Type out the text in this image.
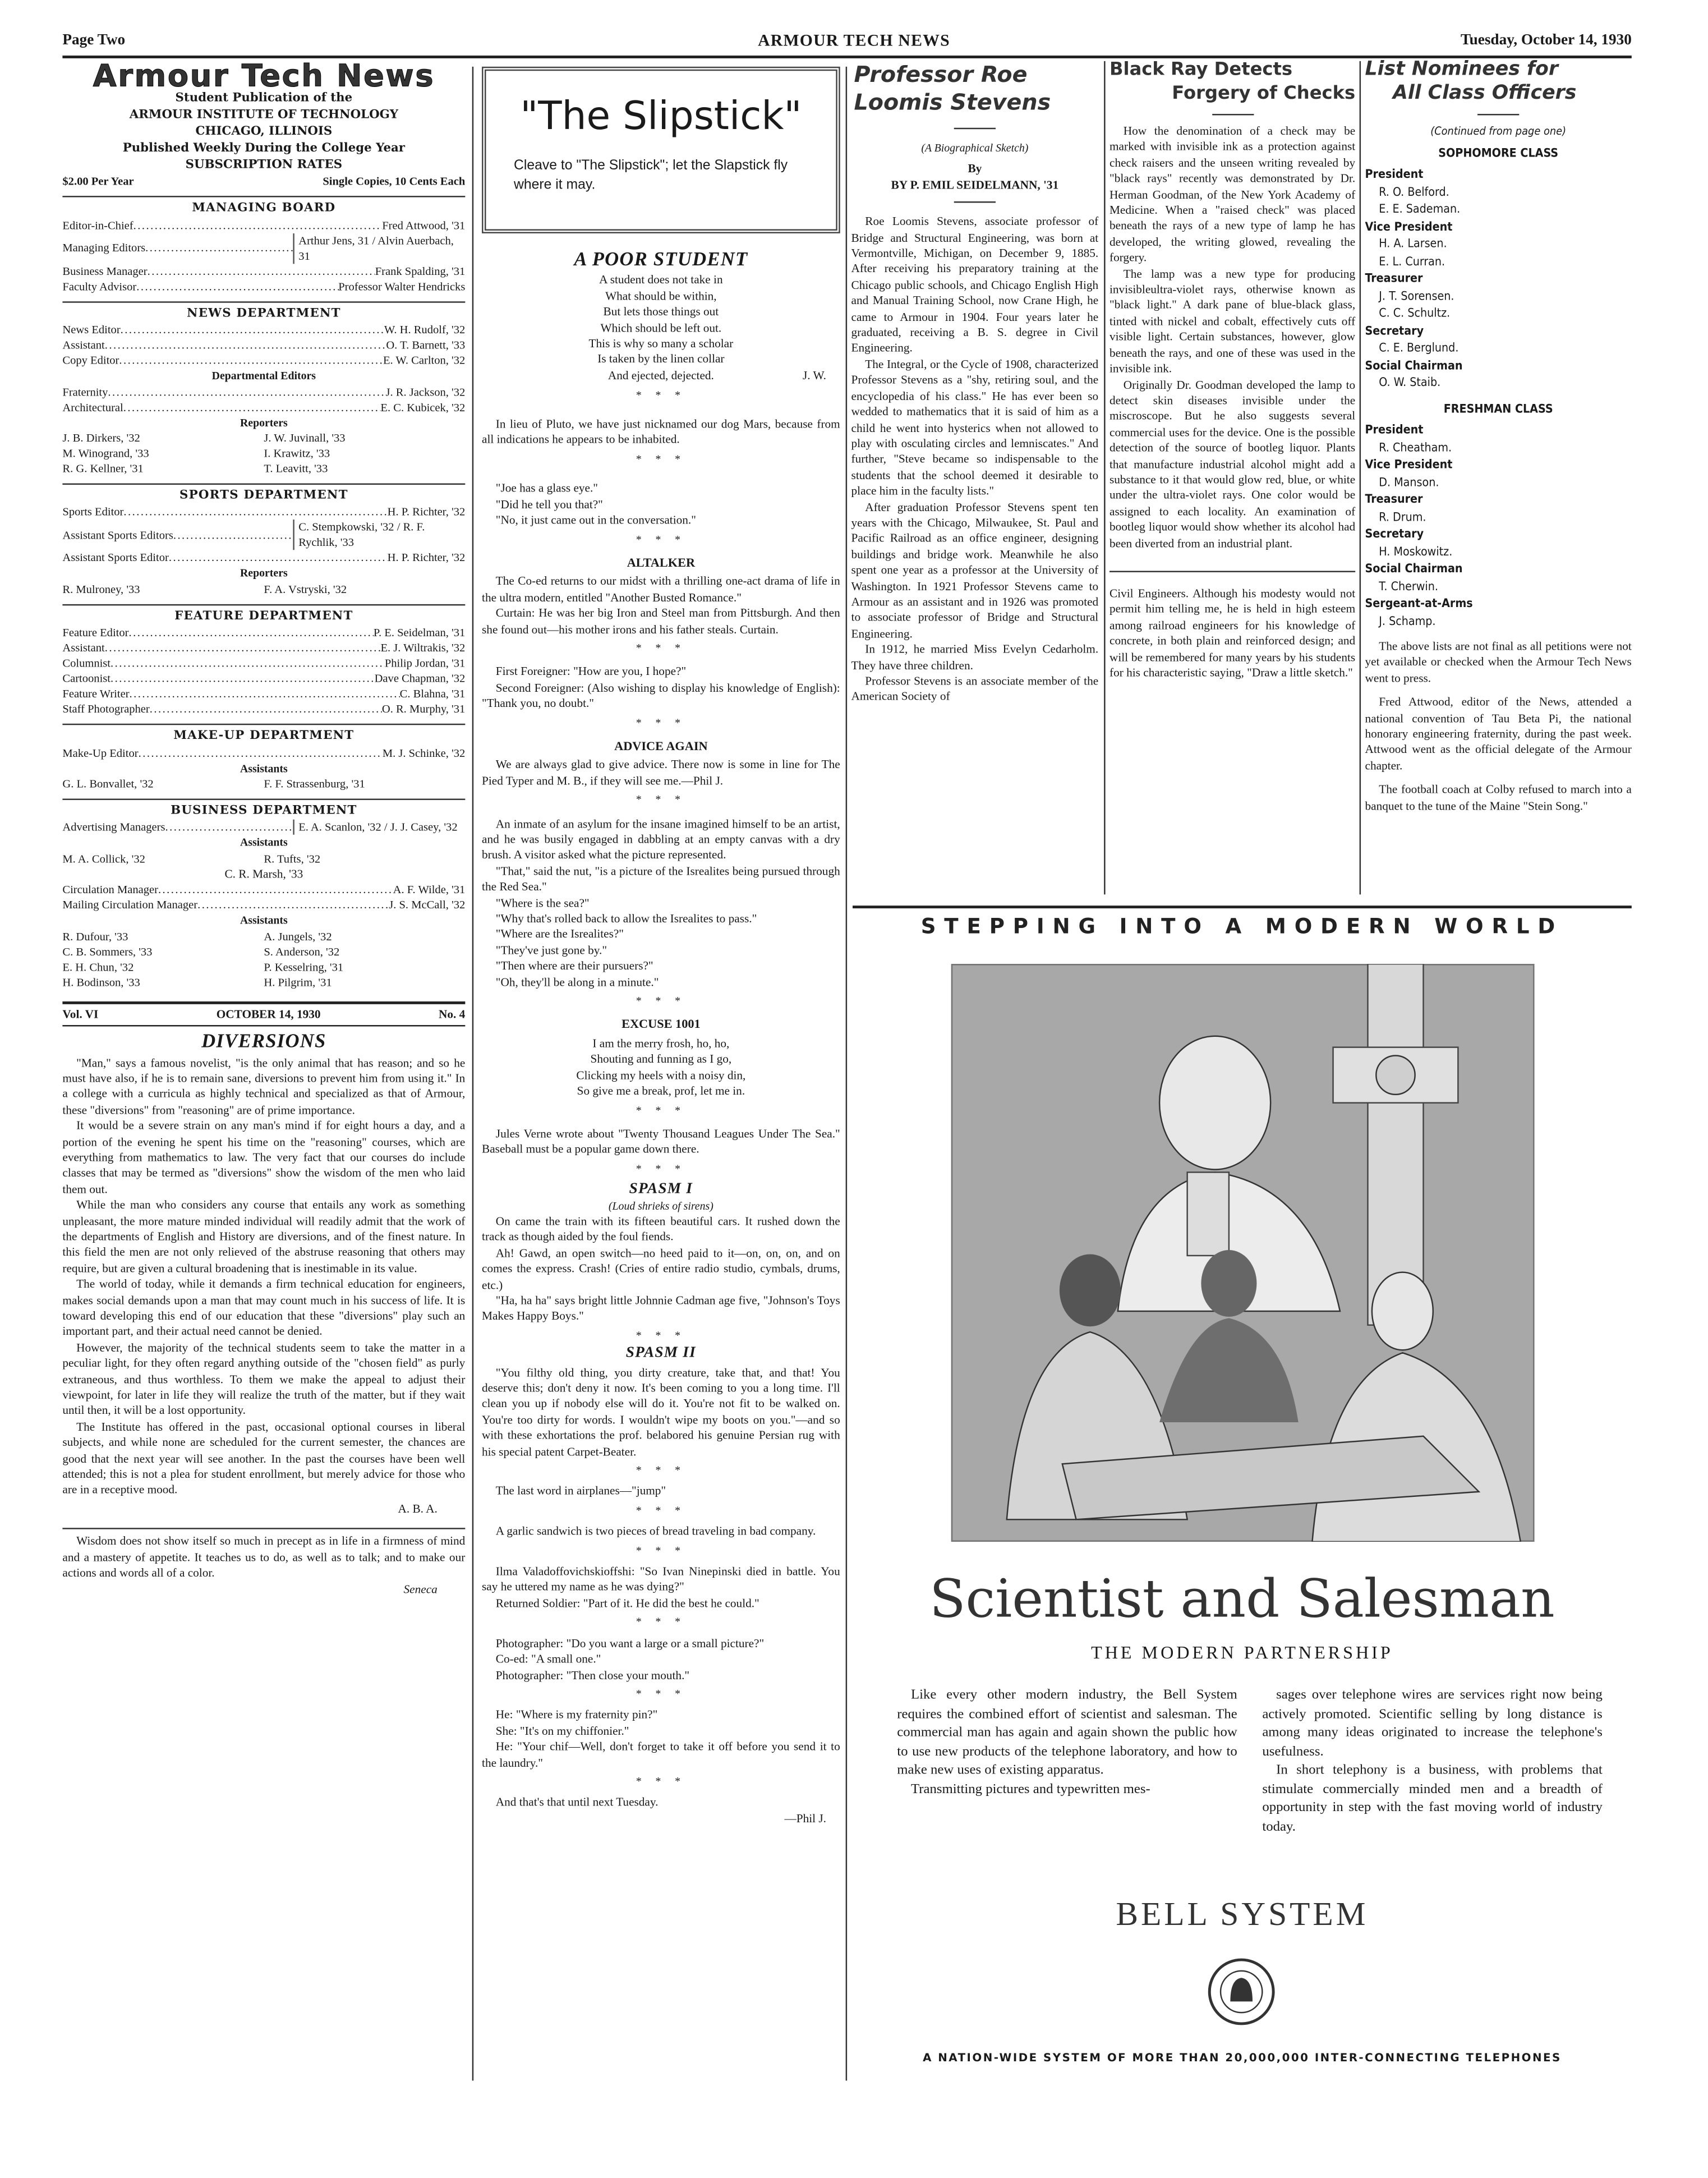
Page Two	ARMOUR TECH NEWS	Tuesday, October 14, 1930
Armour Tech News
Student Publication of the
ARMOUR INSTITUTE OF TECHNOLOGY
CHICAGO, ILLINOIS
Published Weekly During the College Year
SUBSCRIPTION RATES
$2.00 Per Year	Single Copies, 10 Cents Each
MANAGING BOARD
Editor-in-Chief .....	Fred Attwood, '31
Managing Editors
.....
Arthur Jens, 31 / Alvin Auerbach, 31
Business Manager .....	Frank Spalding, '31
Faculty Advisor .....	Professor Walter Hendricks
NEWS DEPARTMENT
News Editor .....	W. H. Rudolf, '32
Assistant .....	O. T. Barnett, '33
Copy Editor .....	E. W. Carlton, '32
Departmental Editors
Fraternity .....	J. R. Jackson, '32
Architectural .....	E. C. Kubicek, '32
Reporters
J. B. Dirkers, '32	J. W. Juvinall, '33
M. Winogrand, '33	I. Krawitz, '33
R. G. Kellner, '31	T. Leavitt, '33
SPORTS DEPARTMENT
Sports Editor .....	H. P. Richter, '32
Assistant Sports Editors
.....
C. Stempkowski, '32 / R. F. Rychlik, '33
Assistant Sports Editor .....	H. P. Richter, '32
Reporters
R. Mulroney, '33	F. A. Vstryski, '32
FEATURE DEPARTMENT
Feature Editor .....	P. E. Seidelman, '31
Assistant .....	E. J. Wiltrakis, '32
Columnist .....	Philip Jordan, '31
Cartoonist .....	Dave Chapman, '32
Feature Writer .....	C. Blahna, '31
Staff Photographer .....	O. R. Murphy, '31
MAKE-UP DEPARTMENT
Make-Up Editor .....	M. J. Schinke, '32
Assistants
G. L. Bonvallet, '32	F. F. Strassenburg, '31
BUSINESS DEPARTMENT
Advertising Managers
.....	E. A. Scanlon, '32 / J. J. Casey, '32
Assistants
M. A. Collick, '32	R. Tufts, '32
C. R. Marsh, '33
Circulation Manager .....	A. F. Wilde, '31
Mailing Circulation Manager .....	J. S. McCall, '32
Assistants
R. Dufour, '33	A. Jungels, '32
C. B. Sommers, '33	S. Anderson, '32
E. H. Chun, '32	P. Kesselring, '31
H. Bodinson, '33	H. Pilgrim, '31
Vol. VI	OCTOBER 14, 1930	No. 4
DIVERSIONS

"Man," says a famous novelist, "is the only animal that has reason; and so he must have also, if he is to remain sane, diversions to prevent him from using it." In a college with a curricula as highly technical and specialized as that of Armour, these "diversions" from "reasoning" are of prime importance.

It would be a severe strain on any man's mind if for eight hours a day, and a portion of the evening he spent his time on the "reasoning" courses, which are everything from mathematics to law. The very fact that our courses do include classes that may be termed as "diversions" show the wisdom of the men who laid them out.

While the man who considers any course that entails any work as something unpleasant, the more mature minded individual will readily admit that the work of the departments of English and History are diversions, and of the finest nature. In this field the men are not only relieved of the abstruse reasoning that others may require, but are given a cultural broadening that is inestimable in its value.

The world of today, while it demands a firm technical education for engineers, makes social demands upon a man that may count much in his success of life. It is toward developing this end of our education that these "diversions" play such an important part, and their actual need cannot be denied.

However, the majority of the technical students seem to take the matter in a peculiar light, for they often regard anything outside of the "chosen field" as purly extraneous, and thus worthless. To them we make the appeal to adjust their viewpoint, for later in life they will realize the truth of the matter, but if they wait until then, it will be a lost opportunity.

The Institute has offered in the past, occasional optional courses in liberal subjects, and while none are scheduled for the current semester, the chances are good that the next year will see another. In the past the courses have been well attended; this is not a plea for student enrollment, but merely advice for those who are in a receptive mood.

A. B. A.

Wisdom does not show itself so much in precept as in life in a firmness of mind and a mastery of appetite. It teaches us to do, as well as to talk; and to make our actions and words all of a color.

Seneca
"The Slipstick"
Cleave to "The Slipstick"; let the Slapstick fly where it may.
A POOR STUDENT

A student does not take in

What should be within,

But lets those things out

Which should be left out.

This is why so many a scholar

Is taken by the linen collar

And ejected, dejected.	J. W.
* * *

In lieu of Pluto, we have just nicknamed our dog Mars, because from all indications he appears to be inhabited.

* * *

"Joe has a glass eye."

"Did he tell you that?"

"No, it just came out in the conversation."

* * *
ALTALKER

The Co-ed returns to our midst with a thrilling one-act drama of life in the ultra modern, entitled "Another Busted Romance."

Curtain: He was her big Iron and Steel man from Pittsburgh. And then she found out—his mother irons and his father steals. Curtain.

* * *

First Foreigner: "How are you, I hope?"

Second Foreigner: (Also wishing to display his knowledge of English): "Thank you, no doubt."

* * *
ADVICE AGAIN

We are always glad to give advice. There now is some in line for The Pied Typer and M. B., if they will see me.—Phil J.

* * *

An inmate of an asylum for the insane imagined himself to be an artist, and he was busily engaged in dabbling at an empty canvas with a dry brush. A visitor asked what the picture represented.

"That," said the nut, "is a picture of the Isrealites being pursued through the Red Sea."

"Where is the sea?"

"Why that's rolled back to allow the Isrealites to pass."

"Where are the Isrealites?"

"They've just gone by."

"Then where are their pursuers?"

"Oh, they'll be along in a minute."

* * *
EXCUSE 1001

I am the merry frosh, ho, ho,

Shouting and funning as I go,

Clicking my heels with a noisy din,

So give me a break, prof, let me in.

* * *

Jules Verne wrote about "Twenty Thousand Leagues Under The Sea." Baseball must be a popular game down there.

* * *
SPASM I
(Loud shrieks of sirens)

On came the train with its fifteen beautiful cars. It rushed down the track as though aided by the foul fiends.

Ah! Gawd, an open switch—no heed paid to it—on, on, on, and on comes the express. Crash! (Cries of entire radio studio, cymbals, drums, etc.)

"Ha, ha ha" says bright little Johnnie Cadman age five, "Johnson's Toys Makes Happy Boys."

* * *
SPASM II

"You filthy old thing, you dirty creature, take that, and that! You deserve this; don't deny it now. It's been coming to you a long time. I'll clean you up if nobody else will do it. You're not fit to be walked on. You're too dirty for words. I wouldn't wipe my boots on you."—and so with these exhortations the prof. belabored his genuine Persian rug with his special patent Carpet-Beater.

* * *

The last word in airplanes—"jump"

* * *

A garlic sandwich is two pieces of bread traveling in bad company.

* * *

Ilma Valadoffovichskioffshi: "So Ivan Ninepinski died in battle. You say he uttered my name as he was dying?"

Returned Soldier: "Part of it. He did the best he could."

* * *

Photographer: "Do you want a large or a small picture?"

Co-ed: "A small one."

Photographer: "Then close your mouth."

* * *

He: "Where is my fraternity pin?"

She: "It's on my chiffonier."

He: "Your chif—Well, don't forget to take it off before you send it to the laundry."

* * *

And that's that until next Tuesday.

—Phil J.
Professor Roe Loomis Stevens
(A Biographical Sketch)
By
BY P. EMIL SEIDELMANN, '31

Roe Loomis Stevens, associate professor of Bridge and Structural Engineering, was born at Vermontville, Michigan, on December 9, 1885. After receiving his preparatory training at the Chicago public schools, and Chicago English High and Manual Training School, now Crane High, he came to Armour in 1904. Four years later he graduated, receiving a B. S. degree in Civil Engineering.

The Integral, or the Cycle of 1908, characterized Professor Stevens as a "shy, retiring soul, and the encyclopedia of his class." He has ever been so wedded to mathematics that it is said of him as a child he went into hysterics when not allowed to play with osculating circles and lemniscates." And further, "Steve became so indispensable to the students that the school deemed it desirable to place him in the faculty lists."

After graduation Professor Stevens spent ten years with the Chicago, Milwaukee, St. Paul and Pacific Railroad as an office engineer, designing buildings and bridge work. Meanwhile he also spent one year as a professor at the University of Washington. In 1921 Professor Stevens came to Armour as an assistant and in 1926 was promoted to associate professor of Bridge and Structural Engineering.

In 1912, he married Miss Evelyn Cedarholm. They have three children.

Professor Stevens is an associate member of the American Society of

Black Ray Detects
Forgery of Checks

How the denomination of a check may be marked with invisible ink as a protection against check raisers and the unseen writing revealed by "black rays" recently was demonstrated by Dr. Herman Goodman, of the New York Academy of Medicine. When a "raised check" was placed beneath the rays of a new type of lamp he has developed, the writing glowed, revealing the forgery.

The lamp was a new type for producing invisibleultra-violet rays, otherwise known as "black light." A dark pane of blue-black glass, tinted with nickel and cobalt, effectively cuts off visible light. Certain substances, however, glow beneath the rays, and one of these was used in the invisible ink.

Originally Dr. Goodman developed the lamp to detect skin diseases invisible under the miscroscope. But he also suggests several commercial uses for the device. One is the possible detection of the source of bootleg liquor. Plants that manufacture industrial alcohol might add a substance to it that would glow red, blue, or white under the ultra-violet rays. One color would be assigned to each locality. An examination of bootleg liquor would show whether its alcohol had been diverted from an industrial plant.

Civil Engineers. Although his modesty would not permit him telling me, he is held in high esteem among railroad engineers for his knowledge of concrete, in both plain and reinforced design; and will be remembered for many years by his students for his characteristic saying, "Draw a little sketch."

List Nominees for
All Class Officers
(Continued from page one)
SOPHOMORE CLASS
President
R. O. Belford.
E. E. Sademan.
Vice President
H. A. Larsen.
E. L. Curran.
Treasurer
J. T. Sorensen.
C. C. Schultz.
Secretary
C. E. Berglund.
Social Chairman
O. W. Staib.
FRESHMAN CLASS
President
R. Cheatham.
Vice President
D. Manson.
Treasurer
R. Drum.
Secretary
H. Moskowitz.
Social Chairman
T. Cherwin.
Sergeant-at-Arms
J. Schamp.

The above lists are not final as all petitions were not yet available or checked when the Armour Tech News went to press.

Fred Attwood, editor of the News, attended a national convention of Tau Beta Pi, the national honorary engineering fraternity, during the past week. Attwood went as the official delegate of the Armour chapter.

The football coach at Colby refused to march into a banquet to the tune of the Maine "Stein Song."

STEPPING INTO A MODERN WORLD
Scientist and Salesman
THE MODERN PARTNERSHIP

Like every other modern industry, the Bell System requires the combined effort of scientist and salesman. The commercial man has again and again shown the public how to use new products of the telephone laboratory, and how to make new uses of existing apparatus.

Transmitting pictures and typewritten mes-

sages over telephone wires are services right now being actively promoted. Scientific selling by long distance is among many ideas originated to increase the telephone's usefulness.

In short telephony is a business, with problems that stimulate commercially minded men and a breadth of opportunity in step with the fast moving world of industry today.

BELL SYSTEM
A NATION-WIDE SYSTEM OF MORE THAN 20,000,000 INTER-CONNECTING TELEPHONES
